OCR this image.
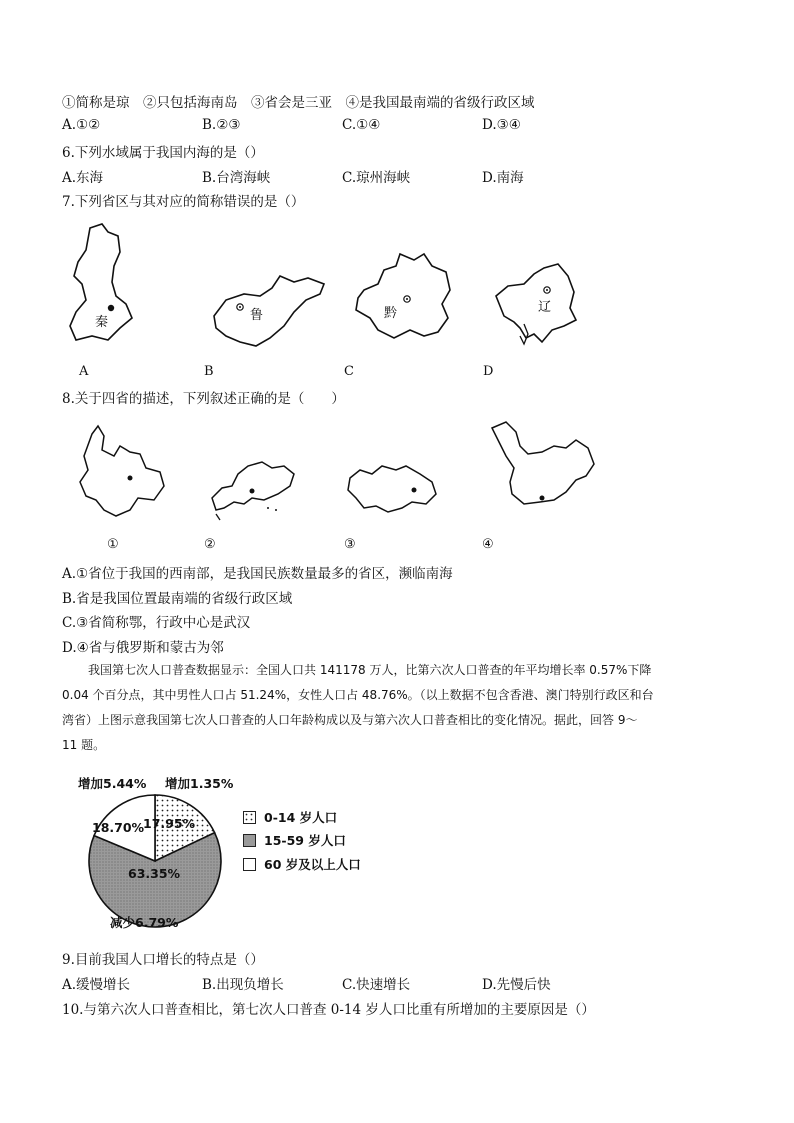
①简称是琼　②只包括海南岛　③省会是三亚　④是我国最南端的省级行政区域
A.①②	B.②③	C.①④	D.③④
6.下列水域属于我国内海的是（）
A.东海	B.台湾海峡	C.琼州海峡	D.南海
7.下列省区与其对应的简称错误的是（）
秦	鲁	黔	辽
A	B	C	D
8.关于四省的描述，下列叙述正确的是（　　）
①	②	③	④
A.①省位于我国的西南部，是我国民族数量最多的省区，濒临南海
B.省是我国位置最南端的省级行政区域
C.③省简称鄂，行政中心是武汉
D.④省与俄罗斯和蒙古为邻
我国第七次人口普查数据显示：全国人口共 141178 万人，比第六次人口普查的年平均增长率 0.57%下降
0.04 个百分点，其中男性人口占 51.24%，女性人口占 48.76%。（以上数据不包含香港、澳门特别行政区和台
湾省）上图示意我国第七次人口普查的人口年龄构成以及与第六次人口普查相比的变化情况。据此，回答 9～
11 题。
增加5.44% 增加1.35%
18.70%
17.95%
63.35%
减少6.79%
0-14 岁人口
15-59 岁人口
60 岁及以上人口
9.目前我国人口增长的特点是（）
A.缓慢增长	B.出现负增长	C.快速增长	D.先慢后快
10.与第六次人口普查相比，第七次人口普查 0-14 岁人口比重有所增加的主要原因是（）
